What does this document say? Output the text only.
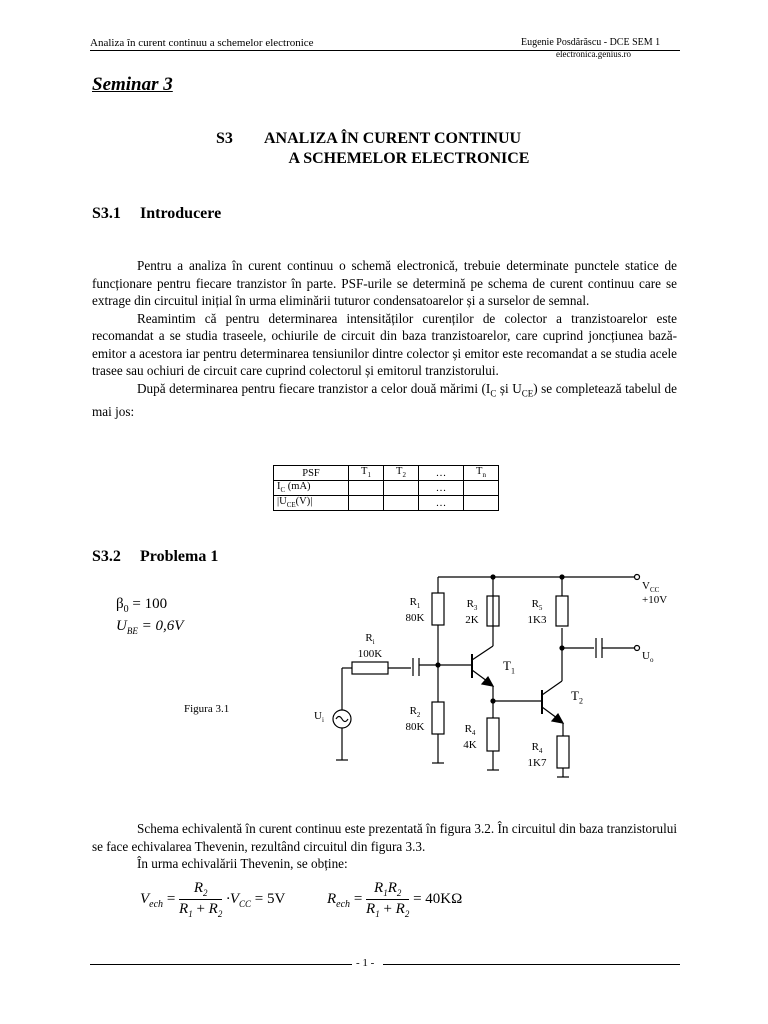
Analiza în curent continuu a schemelor electronice	Eugenie Posdărăscu - DCE SEM 1
electronica.genius.ro
Seminar 3
S3 ANALIZA ÎN CURENT CONTINUU
A SCHEMELOR ELECTRONICE
S3.1 Introducere

Pentru a analiza în curent continuu o schemă electronică, trebuie determinate punctele statice de funcționare pentru fiecare tranzistor în parte. PSF-urile se determină pe schema de curent continuu care se extrage din circuitul inițial în urma eliminării tuturor condensatoarelor și a surselor de semnal.

Reamintim că pentru determinarea intensităților curenților de colector a tranzistoarelor este recomandat a se studia traseele, ochiurile de circuit din baza tranzistoarelor, care cuprind joncțiunea bază-emitor a acestora iar pentru determinarea tensiunilor dintre colector și emitor este recomandat a se studia acele trasee sau ochiuri de circuit care cuprind colectorul și emitorul tranzistorului.

După determinarea pentru fiecare tranzistor a celor două mărimi ($I_C$ și $U_{CE}$) se completează tabelul de mai jos:

PSF	$T_1$	$T_2$	…	$T_n$
$I_C$ (mA)			…	
$|U_{CE}(V)|$			…	
S3.2 Problema 1
$\beta_0 = 100$
$U_{BE} = 0,6V$
Figura 3.1
$V_{CC}$
+10V
$R_1$
80K
$R_2$
80K
$R_3$
2K
$R_4$
4K
$R_5$
1K3
$R_4$
1K7
$R_i$
100K
$T_1$
$T_2$
$U_i$
$U_o$

Schema echivalentă în curent continuu este prezentată în figura 3.2. În circuitul din baza tranzistorului se face echivalarea Thevenin, rezultând circuitul din figura 3.3.

În urma echivalării Thevenin, se obține:

$V_{ech} = \frac{R_2}{R_1 + R_2} \cdot V_{CC} = 5V$	$R_{ech} = \frac{R_1R_2}{R_1 + R_2} = 40K\Omega$
- 1 -
